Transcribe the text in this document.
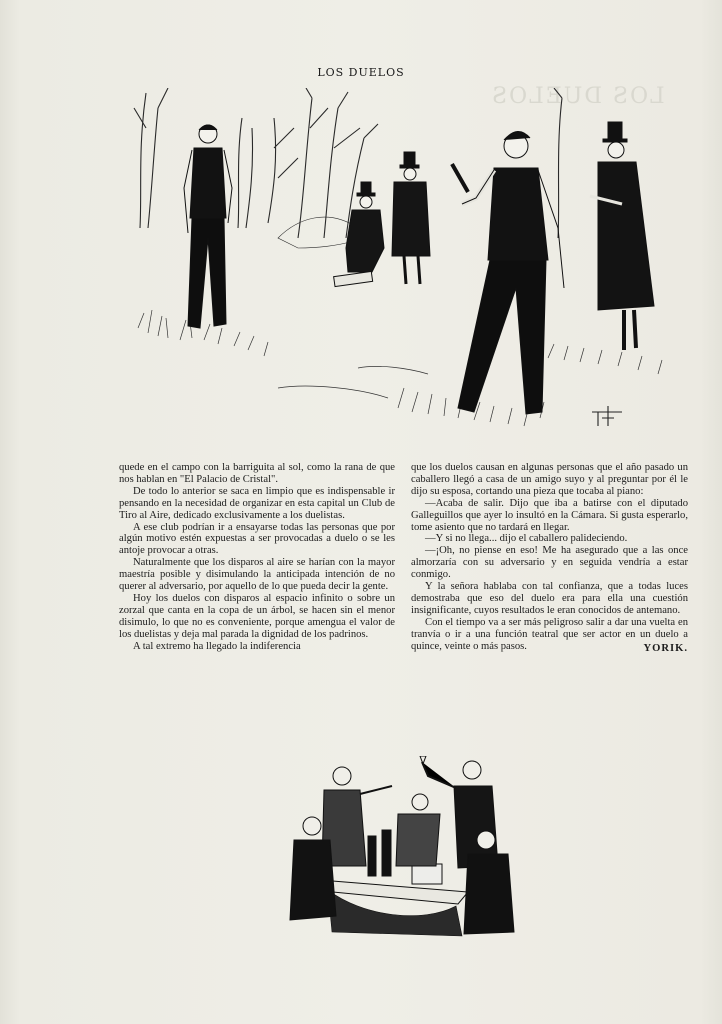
LOS DUELOS
LOS DUELOS

quede en el campo con la barriguita al sol, como la rana de que nos hablan en "El Palacio de Cristal".

De todo lo anterior se saca en limpio que es indispensable ir pensando en la necesidad de organizar en esta capital un Club de Tiro al Aire, dedicado exclusivamente a los duelistas.

A ese club podrían ir a ensayarse todas las personas que por algún motivo estén expuestas a ser provocadas a duelo o se les antoje provocar a otras.

Naturalmente que los disparos al aire se harían con la mayor maestría posible y disimulando la anticipada intención de no querer al adversario, por aquello de lo que pueda decir la gente.

Hoy los duelos con disparos al espacio infinito o sobre un zorzal que canta en la copa de un árbol, se hacen sin el menor disimulo, lo que no es conveniente, porque amengua el valor de los duelistas y deja mal parada la dignidad de los padrinos.

A tal extremo ha llegado la indiferencia

que los duelos causan en algunas personas que el año pasado un caballero llegó a casa de un amigo suyo y al preguntar por él le dijo su esposa, cortando una pieza que tocaba al piano:

—Acaba de salir. Dijo que iba a batirse con el diputado Galleguillos que ayer lo insultó en la Cámara. Si gusta esperarlo, tome asiento que no tardará en llegar.

—Y si no llega... dijo el caballero palideciendo.

—¡Oh, no piense en eso! Me ha asegurado que a las once almorzaría con su adversario y en seguida vendría a estar conmigo.

Y la señora hablaba con tal confianza, que a todas luces demostraba que eso del duelo era para ella una cuestión insignificante, cuyos resultados le eran conocidos de antemano.

Con el tiempo va a ser más peligroso salir a dar una vuelta en tranvía o ir a una función teatral que ser actor en un duelo a quince, veinte o más pasos.	YORIK.
